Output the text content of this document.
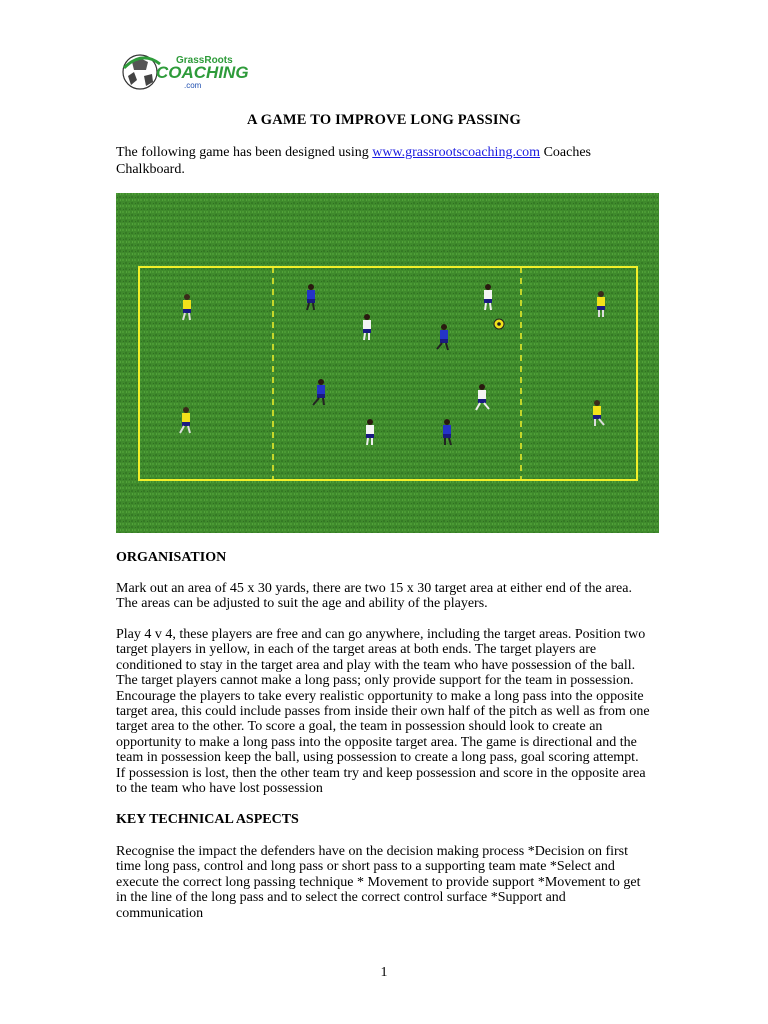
GrassRoots
COACHING
.com
A GAME TO IMPROVE LONG PASSING
The following game has been designed using www.grassrootscoaching.com Coaches Chalkboard.
ORGANISATION
Mark out an area of 45 x 30 yards, there are two 15 x 30 target area at either end of the area. The areas can be adjusted to suit the age and ability of the players.
Play 4 v 4, these players are free and can go anywhere, including the target areas. Position two target players in yellow, in each of the target areas at both ends. The target players are conditioned to stay in the target area and play with the team who have possession of the ball. The target players cannot make a long pass; only provide support for the team in possession. Encourage the players to take every realistic opportunity to make a long pass into the opposite target area, this could include passes from inside their own half of the pitch as well as from one target area to the other. To score a goal, the team in possession should look to create an opportunity to make a long pass into the opposite target area. The game is directional and the team in possession keep the ball, using possession to create a long pass, goal scoring attempt. If possession is lost, then the other team try and keep possession and score in the opposite area to the team who have lost possession
KEY TECHNICAL ASPECTS
Recognise the impact the defenders have on the decision making process *Decision on first time long pass, control and long pass or short pass to a supporting team mate *Select and execute the correct long passing technique * Movement to provide support *Movement to get in the line of the long pass and to select the correct control surface *Support and communication
1
